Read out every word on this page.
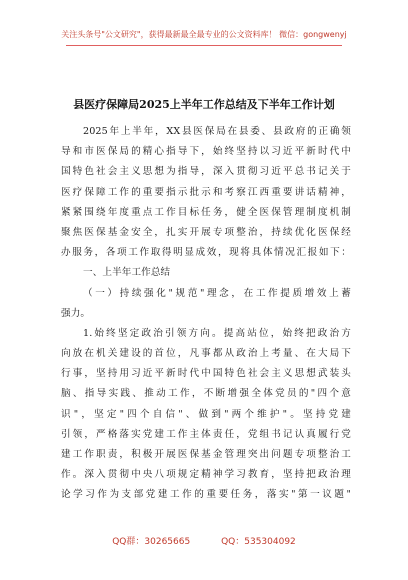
关注头条号"公文研究"，获得最新最全最专业的公文资料库！ 微信：gongwenyj
县医疗保障局2025上半年工作总结及下半年工作计划
2025年上半年，XX县医保局在县委、县政府的正确领
导和市医保局的精心指导下，始终坚持以习近平新时代中
国特色社会主义思想为指导，深入贯彻习近平总书记关于
医疗保障工作的重要指示批示和考察江西重要讲话精神，
紧紧围绕年度重点工作目标任务，健全医保管理制度机制
聚焦医保基金安全，扎实开展专项整治，持续优化医保经
办服务，各项工作取得明显成效，现将具体情况汇报如下：
一、上半年工作总结
（一）持续强化"规范"理念，在工作提质增效上蓄
强力。
1.始终坚定政治引领方向。提高站位，始终把政治方
向放在机关建设的首位，凡事都从政治上考量、在大局下
行事，坚持用习近平新时代中国特色社会主义思想武装头
脑、指导实践、推动工作，不断增强全体党员的"四个意
识"，坚定"四个自信"、做到"两个维护"。坚持党建
引领，严格落实党建工作主体责任，党组书记认真履行党
建工作职责，积极开展医保基金管理突出问题专项整治工
作。深入贯彻中央八项规定精神学习教育，坚持把政治理
论学习作为支部党建工作的重要任务，落实"第一议题"
QQ群：30265665	QQ：535304092
